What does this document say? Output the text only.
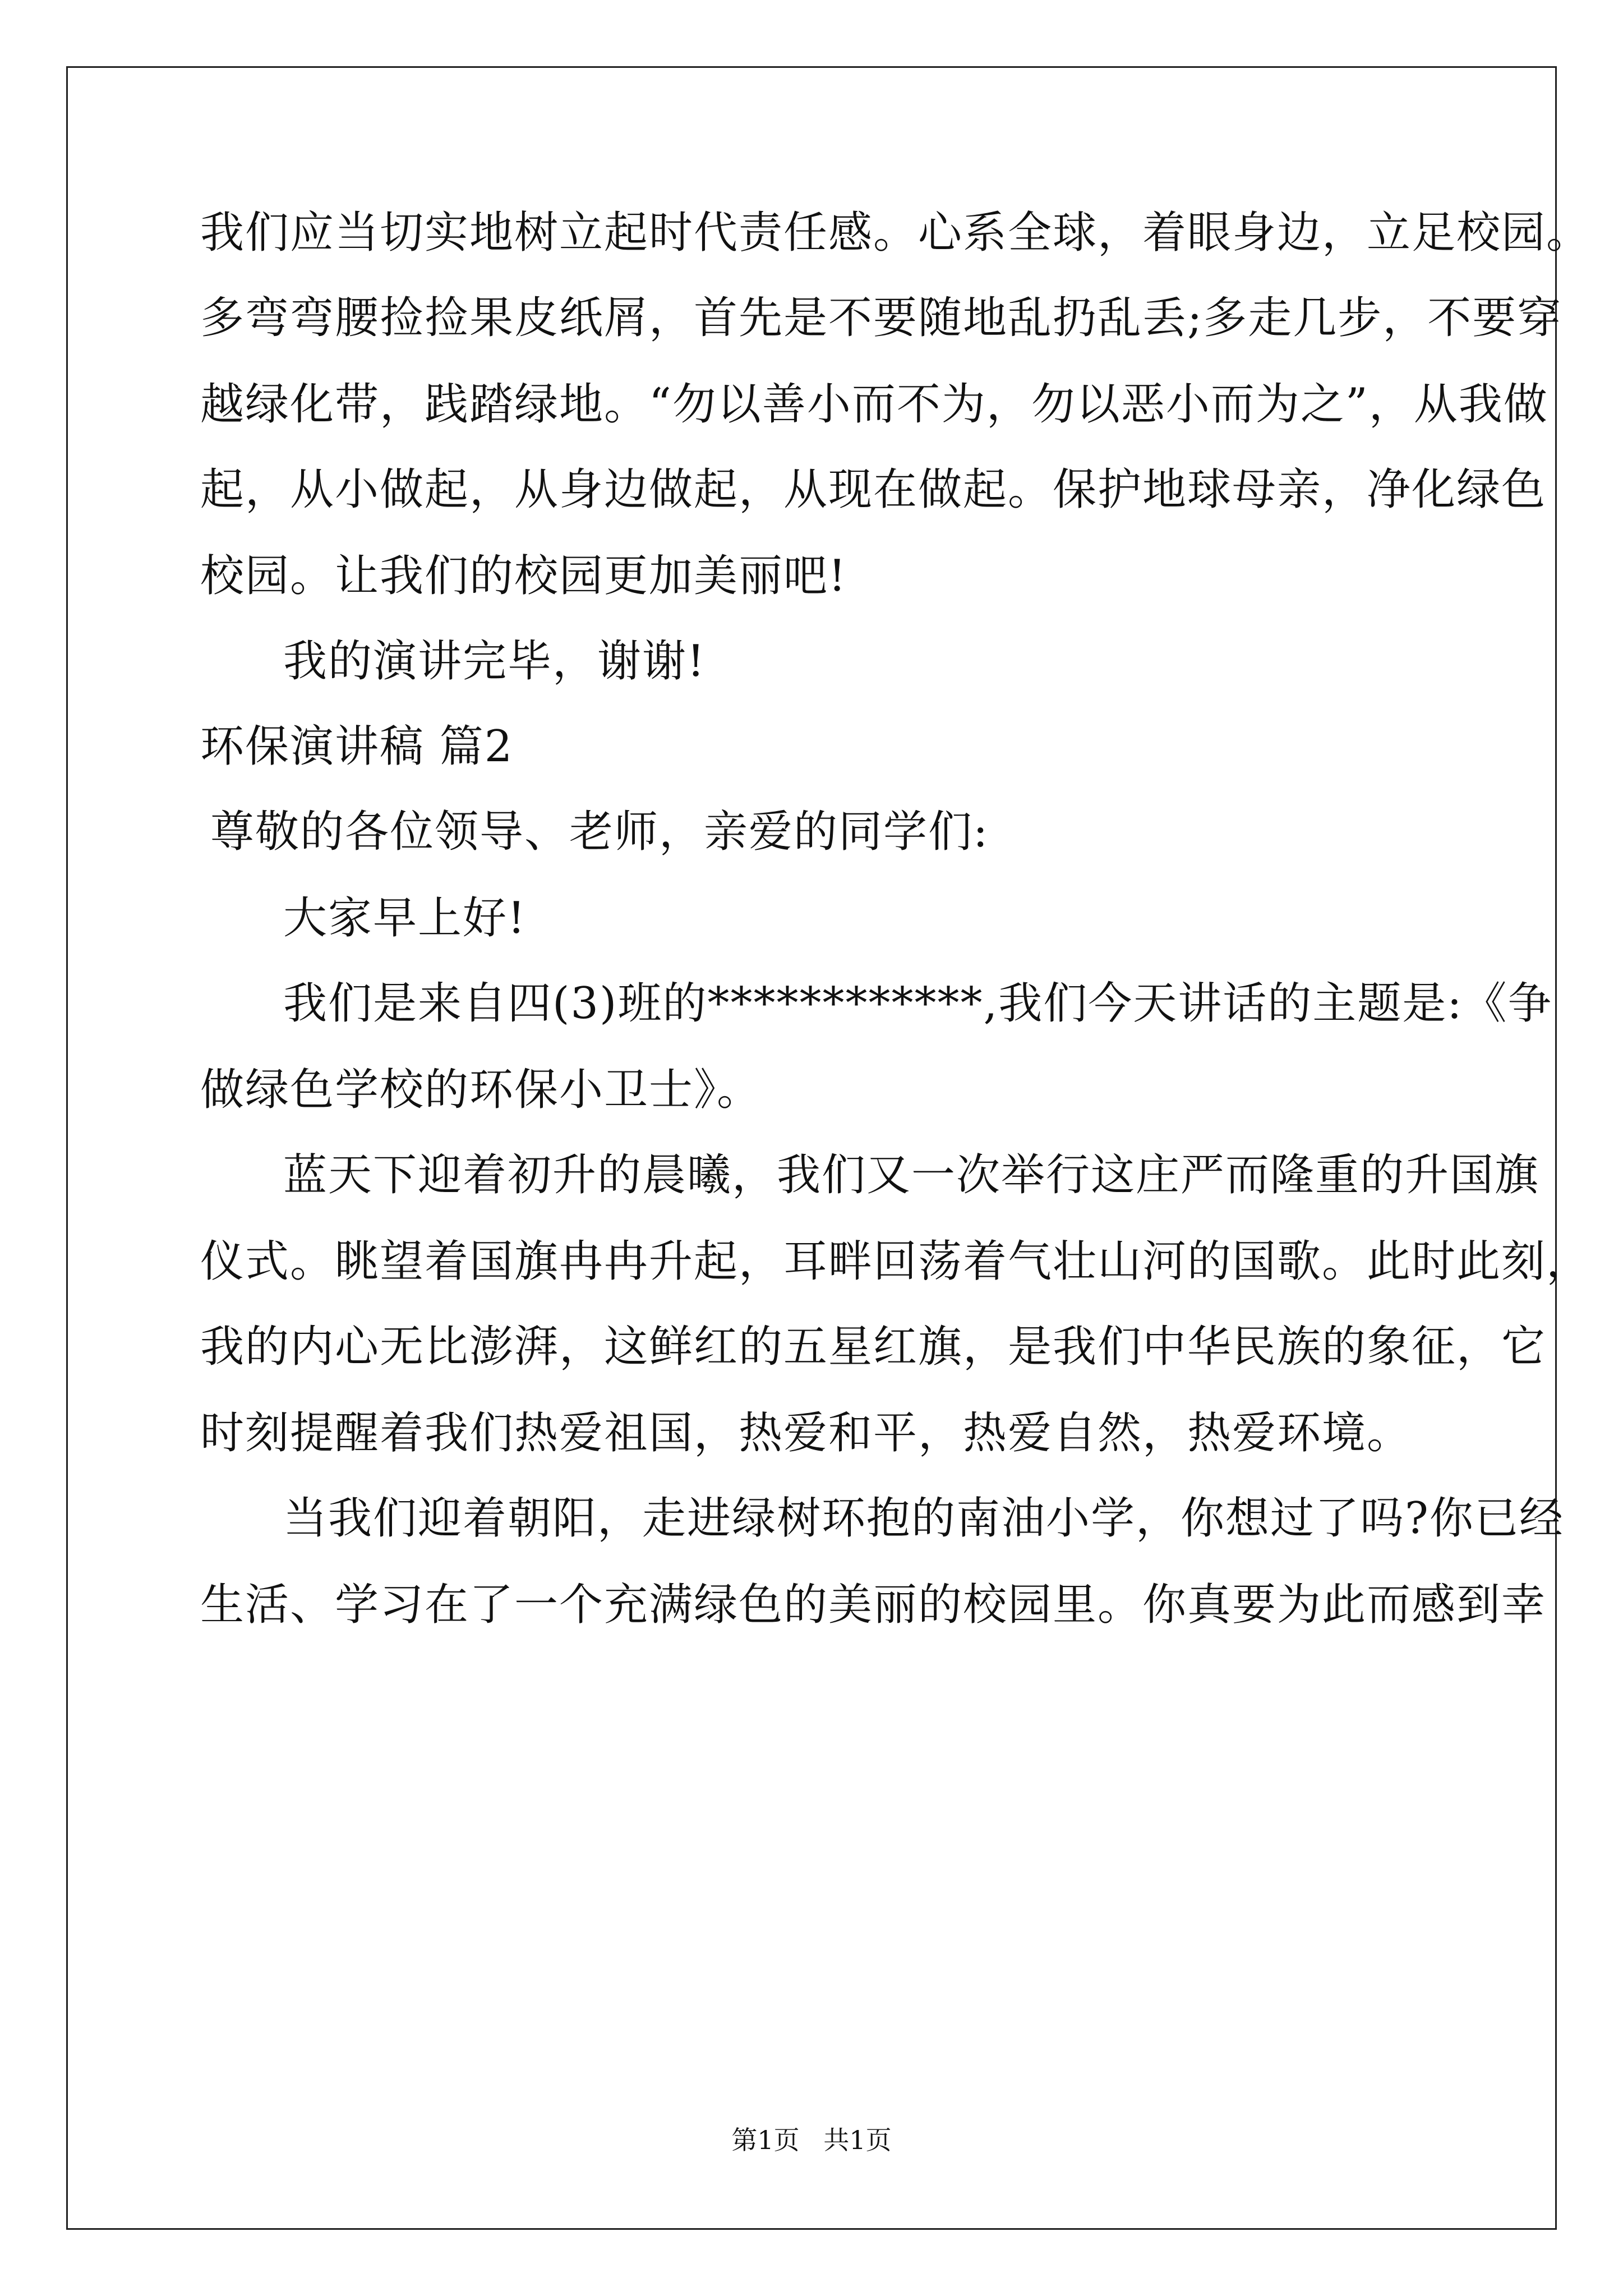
我们应当切实地树立起时代责任感。心系全球，着眼身边，立足校园。
多弯弯腰捡捡果皮纸屑，首先是不要随地乱扔乱丢;多走几步，不要穿
越绿化带，践踏绿地。“勿以善小而不为，勿以恶小而为之”，从我做
起，从小做起，从身边做起，从现在做起。保护地球母亲，净化绿色
校园。让我们的校园更加美丽吧!
我的演讲完毕，谢谢!
环保演讲稿 篇2
尊敬的各位领导、老师，亲爱的同学们:
大家早上好!
我们是来自四(3)班的************,我们今天讲话的主题是:《争
做绿色学校的环保小卫士》。
蓝天下迎着初升的晨曦，我们又一次举行这庄严而隆重的升国旗
仪式。眺望着国旗冉冉升起，耳畔回荡着气壮山河的国歌。此时此刻，
我的内心无比澎湃，这鲜红的五星红旗，是我们中华民族的象征，它
时刻提醒着我们热爱祖国，热爱和平，热爱自然，热爱环境。
当我们迎着朝阳，走进绿树环抱的南油小学，你想过了吗?你已经
生活、学习在了一个充满绿色的美丽的校园里。你真要为此而感到幸
第1页 共1页
